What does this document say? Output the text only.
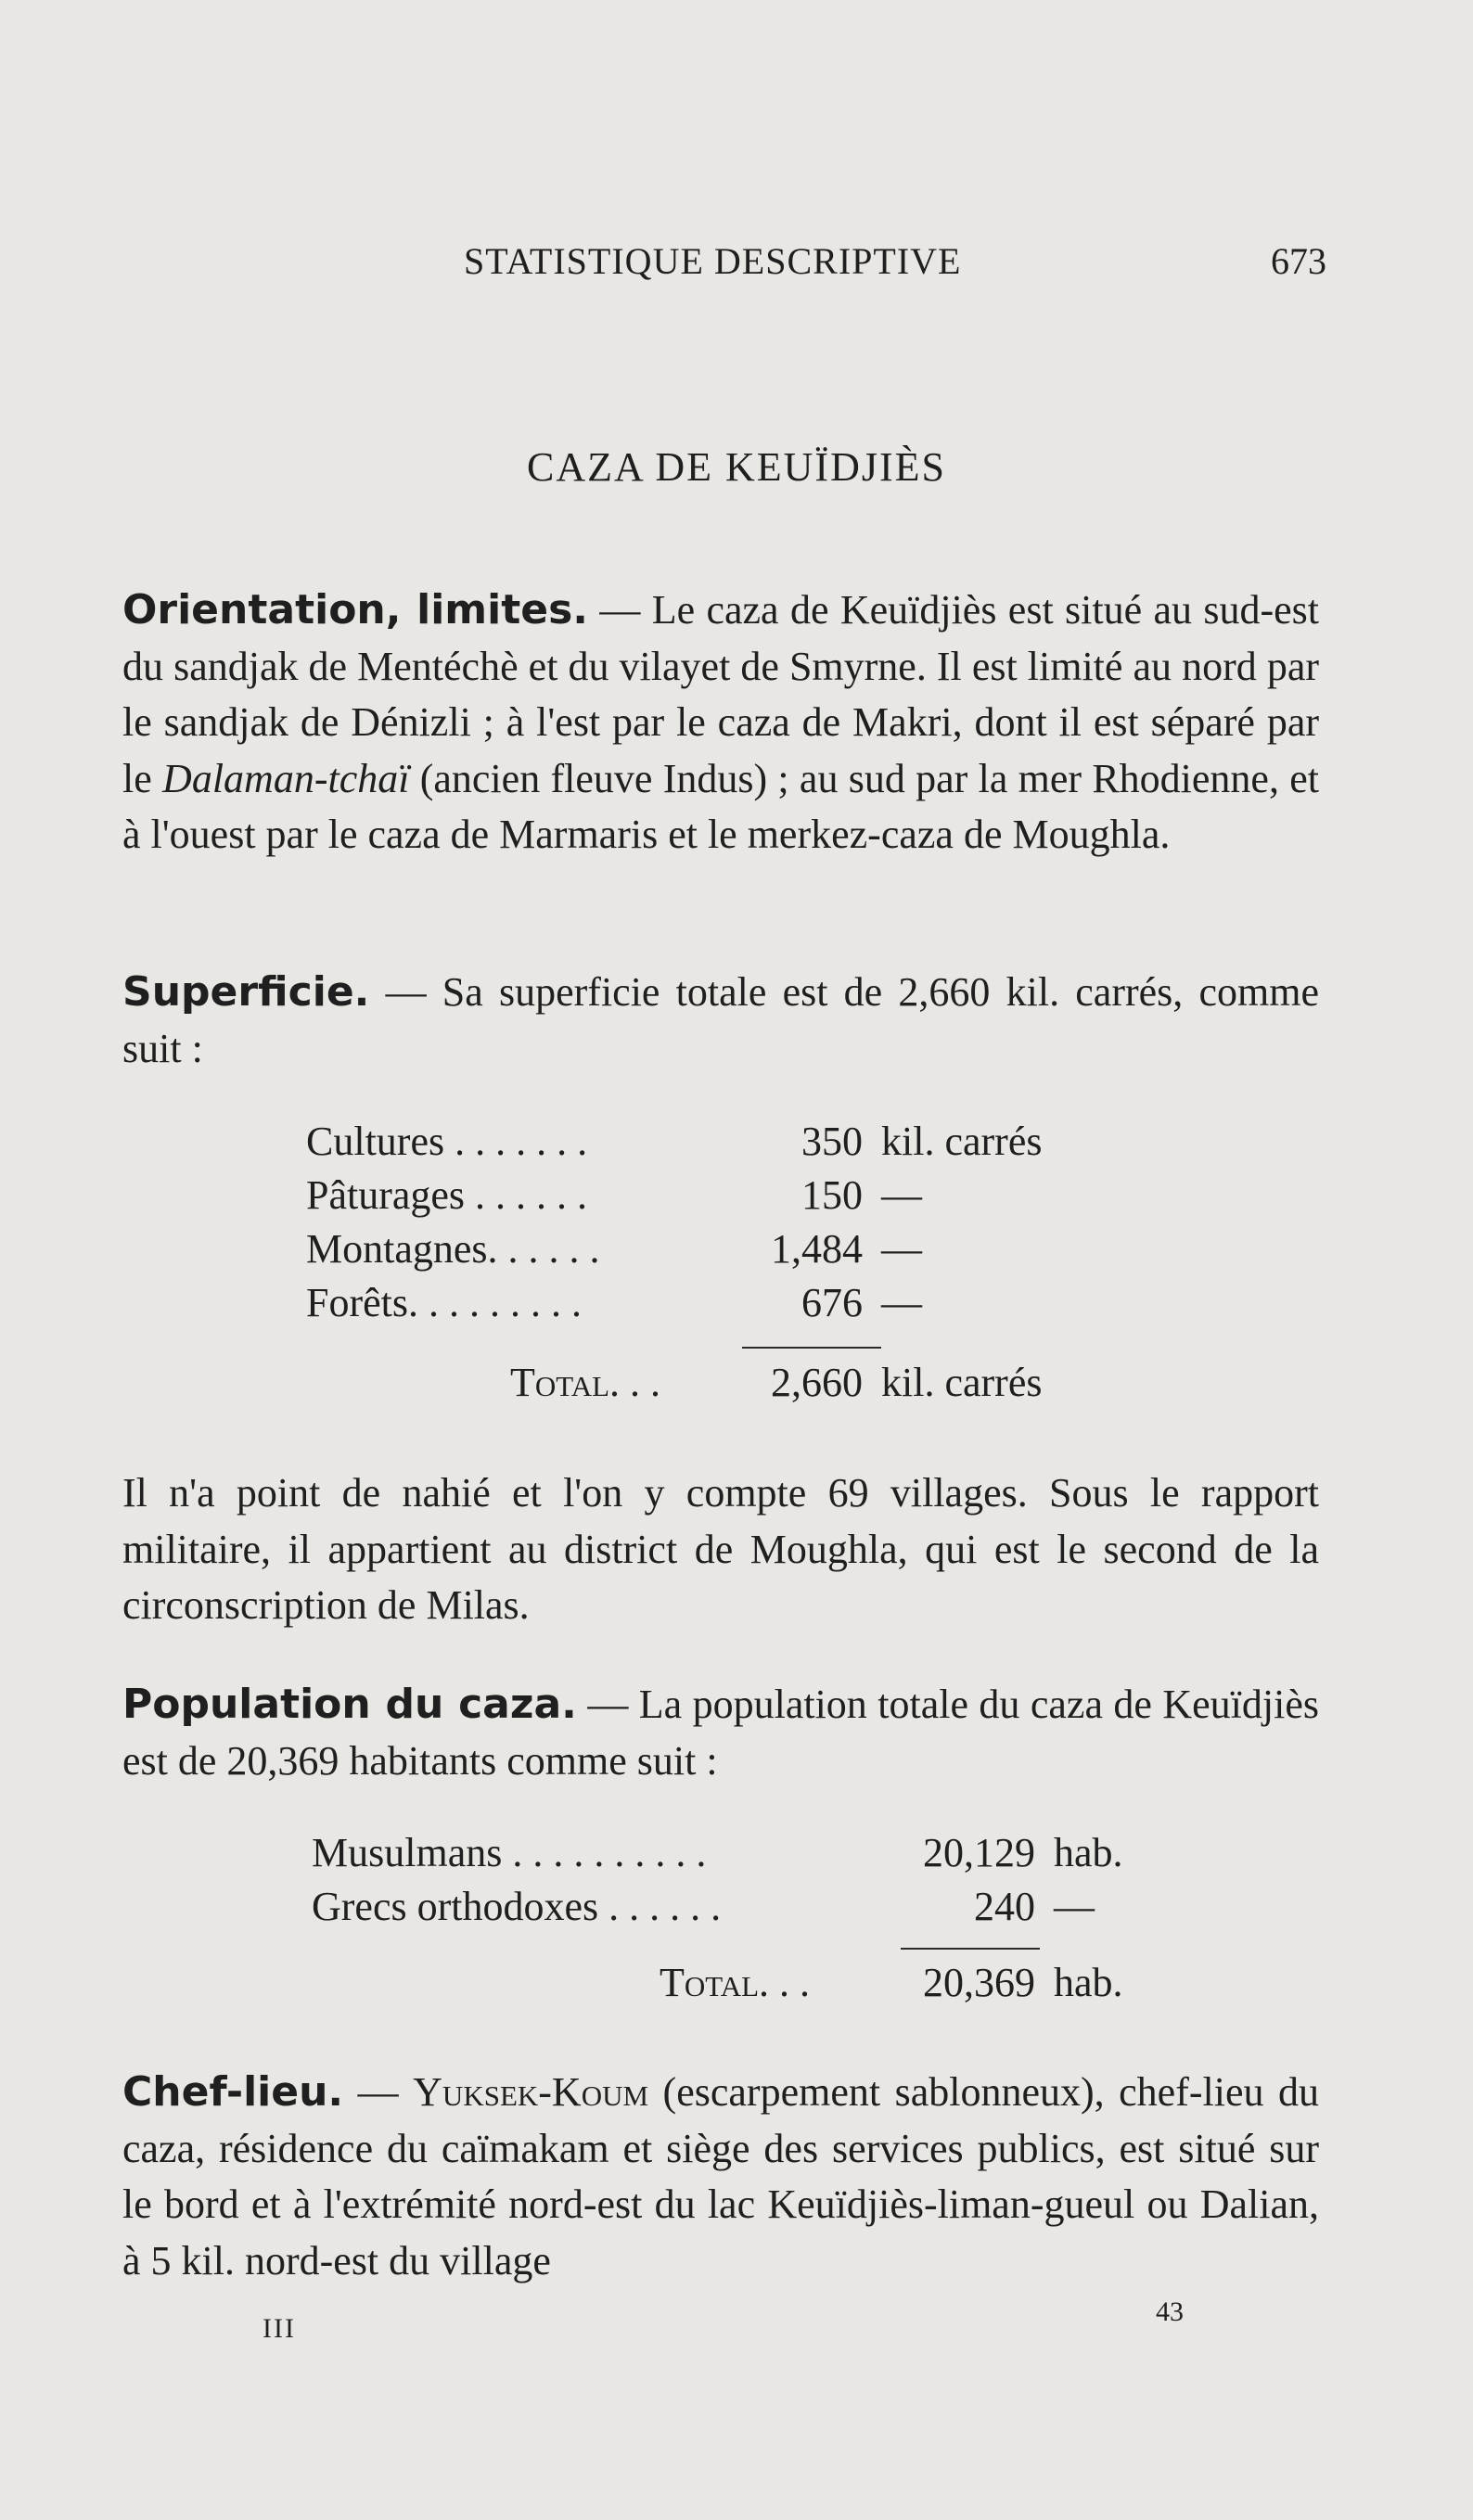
STATISTIQUE DESCRIPTIVE	673
CAZA DE KEUÏDJIÈS

Orientation, limites. — Le caza de Keuïdjiès est situé au sud-est du sandjak de Mentéchè et du vilayet de Smyrne. Il est limité au nord par le sandjak de Dénizli ; à l'est par le caza de Makri, dont il est séparé par le Dalaman-tchaï (ancien fleuve Indus) ; au sud par la mer Rhodienne, et à l'ouest par le caza de Marmaris et le merkez-caza de Moughla.

Superficie. — Sa superficie totale est de 2,660 kil. carrés, comme suit :

Cultures . . . . . . .	350 kil. carrés
Pâturages . . . . . .	150 —
Montagnes. . . . . .	1,484 —
Forêts. . . . . . . . .	676 —
Total. . .	2,660 kil. carrés

Il n'a point de nahié et l'on y compte 69 villages. Sous le rapport militaire, il appartient au district de Moughla, qui est le second de la circonscription de Milas.

Population du caza. — La population totale du caza de Keuïdjiès est de 20,369 habitants comme suit :

Musulmans . . . . . . . . . .	20,129 hab.
Grecs orthodoxes . . . . . .	240 —
Total. . .	20,369 hab.

Chef-lieu. — Yuksek-Koum (escarpement sablonneux), chef-lieu du caza, résidence du caïmakam et siège des services publics, est situé sur le bord et à l'extrémité nord-est du lac Keuïdjiès-liman-gueul ou Dalian, à 5 kil. nord-est du village

III
43
